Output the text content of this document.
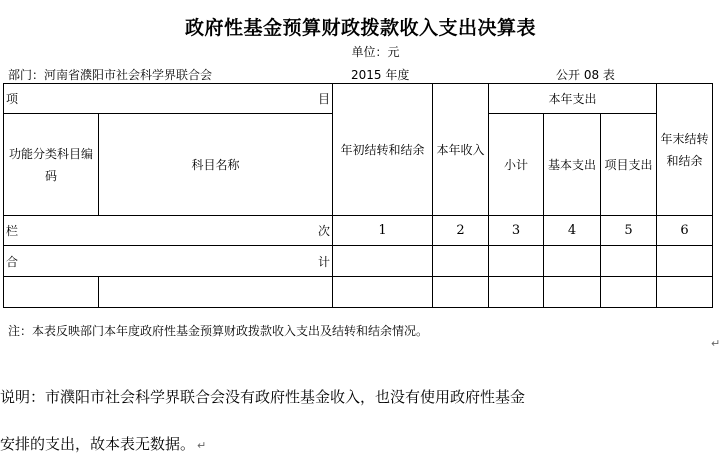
政府性基金预算财政拨款收入支出决算表
单位：元
部门：河南省濮阳市社会科学界联合会	2015 年度	公开 08 表
项 目		年初结转和结余	本年收入	本年支出			年末结转和结余

功能分类科目编码	科目名称			小计	基本支出	项目支出	

栏 次		1	2	3	4	5	6

合 计							

注：本表反映部门本年度政府性基金预算财政拨款收入支出及结转和结余情况。
↵
说明：市濮阳市社会科学界联合会没有政府性基金收入，也没有使用政府性基金
安排的支出，故本表无数据。 ↵
